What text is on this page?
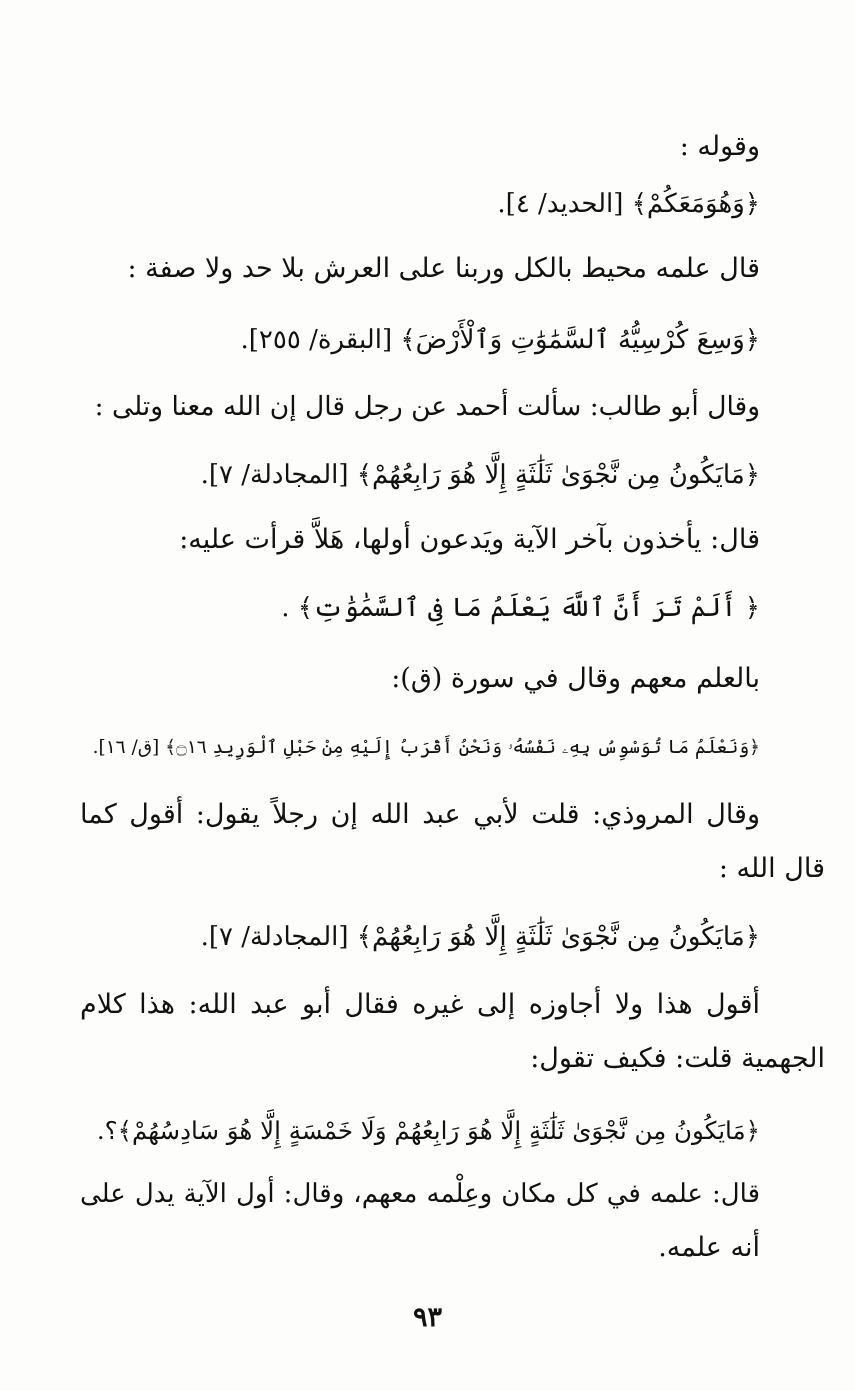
وقوله :
﴿وَهُوَمَعَكُمْ﴾ [الحديد/ ٤].
قال علمه محيط بالكل وربنا على العرش بلا حد ولا صفة :
﴿وَسِعَ كُرْسِيُّهُ ٱلسَّمَٰوَٰتِ وَٱلْأَرْضَ﴾ [البقرة/ ٢٥٥].
وقال أبو طالب: سألت أحمد عن رجل قال إن الله معنا وتلى :
﴿مَايَكُونُ مِن نَّجْوَىٰ ثَلَٰثَةٍ إِلَّا هُوَ رَابِعُهُمْ﴾ [المجادلة/ ٧].
قال: يأخذون بآخر الآية ويَدعون أولها، هَلاَّ قرأت عليه:
﴿ أَلَمْ تَرَ أَنَّ ٱللَّهَ يَعْلَمُ مَا فِى ٱلسَّمَٰوَٰتِ﴾ .
بالعلم معهم وقال في سورة (ق):
﴿وَنَعْلَمُ مَا تُوَسْوِسُ بِهِۦ نَفْسُهُۥ وَنَحْنُ أَقْرَبُ إِلَيْهِ مِنْ حَبْلِ ٱلْوَرِيدِ ۝١٦﴾ [ق/ ١٦].
وقال المروذي: قلت لأبي عبد الله إن رجلاً يقول: أقول كما
قال الله :
﴿مَايَكُونُ مِن نَّجْوَىٰ ثَلَٰثَةٍ إِلَّا هُوَ رَابِعُهُمْ﴾ [المجادلة/ ٧].
أقول هذا ولا أجاوزه إلى غيره فقال أبو عبد الله: هذا كلام
الجهمية قلت: فكيف تقول:
﴿مَايَكُونُ مِن نَّجْوَىٰ ثَلَٰثَةٍ إِلَّا هُوَ رَابِعُهُمْ وَلَا خَمْسَةٍ إِلَّا هُوَ سَادِسُهُمْ﴾؟.
قال: علمه في كل مكان وعِلْمه معهم، وقال: أول الآية يدل على
أنه علمه.
٩٣
